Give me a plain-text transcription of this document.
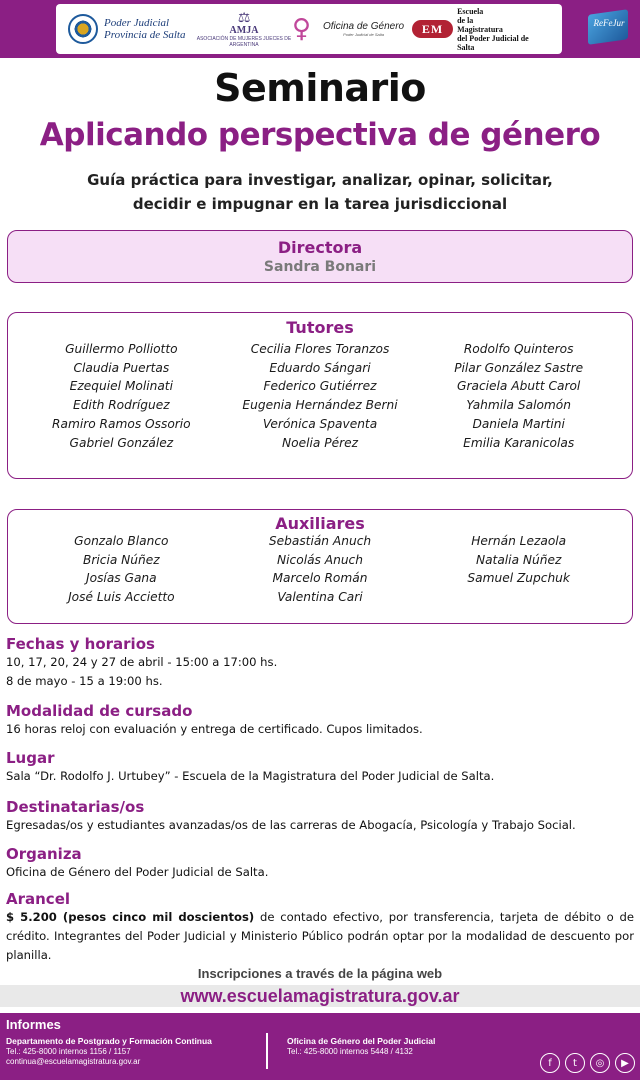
Poder Judicial
Provincia de Salta
⚖
AMJA
ASOCIACIÓN DE MUJERES JUECES DE ARGENTINA
♀ Oficina de Género
Poder Judicial de Salta	EM
Escuela
de la
Magistratura
del Poder Judicial de Salta
ReFeJur
Seminario
Aplicando perspectiva de género
Guía práctica para investigar, analizar, opinar, solicitar,
decidir e impugnar en la tarea jurisdiccional
Directora
Sandra Bonari
Tutores
Guillermo Polliotto
Claudia Puertas
Ezequiel Molinati
Edith Rodríguez
Ramiro Ramos Ossorio
Gabriel González
Cecilia Flores Toranzos
Eduardo Sángari
Federico Gutiérrez
Eugenia Hernández Berni
Verónica Spaventa
Noelia Pérez
Rodolfo Quinteros
Pilar González Sastre
Graciela Abutt Carol
Yahmila Salomón
Daniela Martini
Emilia Karanicolas
Auxiliares
Gonzalo Blanco
Bricia Núñez
Josías Gana
José Luis Accietto
Sebastián Anuch
Nicolás Anuch
Marcelo Román
Valentina Cari
Hernán Lezaola
Natalia Núñez
Samuel Zupchuk
Fechas y horarios
10, 17, 20, 24 y 27 de abril - 15:00 a 17:00 hs.
8 de mayo - 15 a 19:00 hs.
Modalidad de cursado
16 horas reloj con evaluación y entrega de certificado. Cupos limitados.
Lugar
Sala “Dr. Rodolfo J. Urtubey” - Escuela de la Magistratura del Poder Judicial de Salta.
Destinatarias/os
Egresadas/os y estudiantes avanzadas/os de las carreras de Abogacía, Psicología y Trabajo Social.
Organiza
Oficina de Género del Poder Judicial de Salta.
Arancel
$ 5.200 (pesos cinco mil doscientos) de contado efectivo, por transferencia, tarjeta de débito o de crédito. Integrantes del Poder Judicial y Ministerio Público podrán optar por la modalidad de descuento por planilla.
Inscripciones a través de la página web
www.escuelamagistratura.gov.ar
Informes
Departamento de Postgrado y Formación Continua
Tel.: 425-8000 internos 1156 / 1157
continua@escuelamagistratura.gov.ar
Oficina de Género del Poder Judicial
Tel.: 425-8000 internos 5448 / 4132
f	t	◎	▶
